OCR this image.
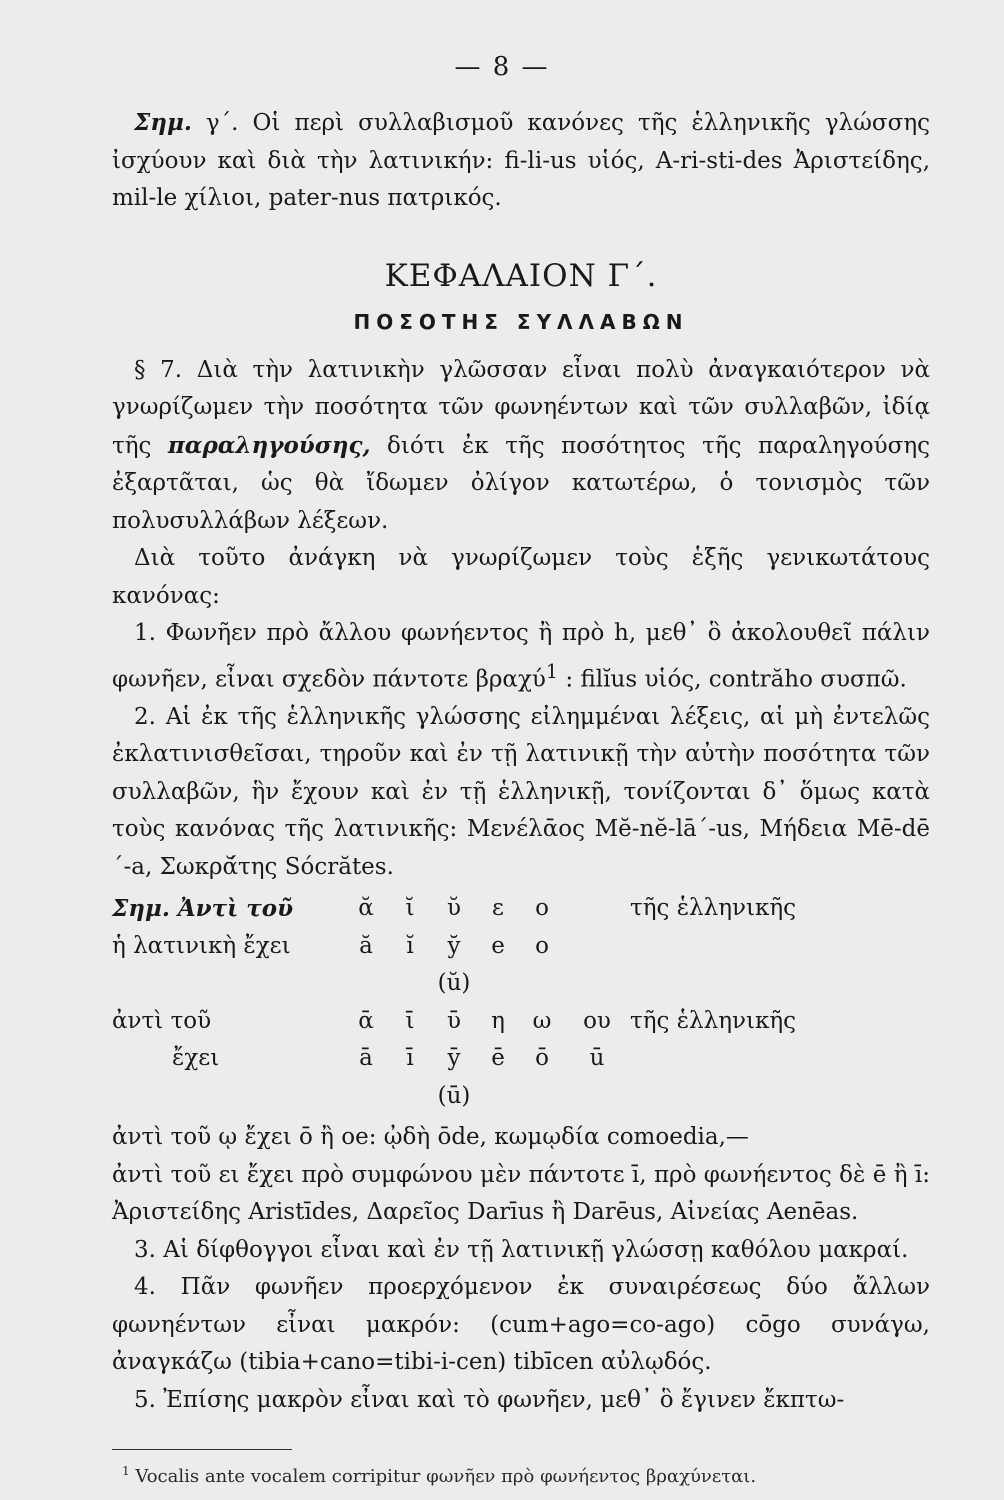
— 8 —

Σημ. γ΄. Οἱ περὶ συλλαβισμοῦ κανόνες τῆς ἑλληνικῆς γλώσσης ἰσχύουν καὶ διὰ τὴν λατινικήν: fi-li-us υἱός, A-ri-sti-des Ἀριστείδης, mil-le χίλιοι, pater-nus πατρικός.

ΚΕΦΑΛΑΙΟΝ Γ΄.
ΠΟΣΟΤΗΣ ΣΥΛΛΑΒΩΝ

§ 7. Διὰ τὴν λατινικὴν γλῶσσαν εἶναι πολὺ ἀναγκαιότερον νὰ γνωρίζωμεν τὴν ποσότητα τῶν φωνηέντων καὶ τῶν συλλαβῶν, ἰδίᾳ τῆς παραληγούσης, διότι ἐκ τῆς ποσότητος τῆς παραληγούσης ἐξαρτᾶται, ὡς θὰ ἴδωμεν ὀλίγον κατωτέρω, ὁ τονισμὸς τῶν πολυσυλλάβων λέξεων.

Διὰ τοῦτο ἀνάγκη νὰ γνωρίζωμεν τοὺς ἑξῆς γενικωτάτους κανόνας:

1. Φωνῆεν πρὸ ἄλλου φωνήεντος ἢ πρὸ h, μεθ᾽ ὃ ἀκολουθεῖ πάλιν φωνῆεν, εἶναι σχεδὸν πάντοτε βραχύ$^1$ : filĭus υἱός, contrăho συσπῶ.

2. Αἱ ἐκ τῆς ἑλληνικῆς γλώσσης εἰλημμέναι λέξεις, αἱ μὴ ἐντελῶς ἐκλατινισθεῖσαι, τηροῦν καὶ ἐν τῇ λατινικῇ τὴν αὐτὴν ποσότητα τῶν συλλαβῶν, ἣν ἔχουν καὶ ἐν τῇ ἑλληνικῇ, τονίζονται δ᾽ ὅμως κατὰ τοὺς κανόνας τῆς λατινικῆς: Μενέλᾱος Mĕ-nĕ-lā´-us, Μήδεια Mē-dē´-a, Σωκρᾰ́της Sócrătes.

Σημ. Ἀντὶ τοῦ	ᾰ	ῐ	ῠ	ε	ο		τῆς ἑλληνικῆς
ἡ λατινικὴ ἔχει	ă	ĭ	y̆	e	o		
			(ŭ)				
ἀντὶ τοῦ	ᾱ	ῑ	ῡ	η	ω	ου	τῆς ἑλληνικῆς
ἔχει	ā	ī	ȳ	ē	ō	ū	
			(ū)				

ἀντὶ τοῦ ῳ ἔχει ō ἢ oe: ᾠδὴ ōde, κωμῳδία comoedia,—

ἀντὶ τοῦ ει ἔχει πρὸ συμφώνου μὲν πάντοτε ī, πρὸ φωνήεντος δὲ ē ἢ ī: Ἀριστείδης Aristīdes, Δαρεῖος Darīus ἢ Darēus, Αἰνείας Aenēas.

3. Αἱ δίφθογγοι εἶναι καὶ ἐν τῇ λατινικῇ γλώσσῃ καθόλου μακραί.

4. Πᾶν φωνῆεν προερχόμενον ἐκ συναιρέσεως δύο ἄλλων φωνηέντων εἶναι μακρόν: (cum+ago=co-ago) cōgo συνάγω, ἀναγκάζω (tibia+cano=tibi-i-cen) tibīcen αὐλῳδός.

5. Ἐπίσης μακρὸν εἶναι καὶ τὸ φωνῆεν, μεθ᾽ ὃ ἔγινεν ἔκπτω-

$^1$ Vocalis ante vocalem corripitur φωνῆεν πρὸ φωνήεντος βραχύνεται.
